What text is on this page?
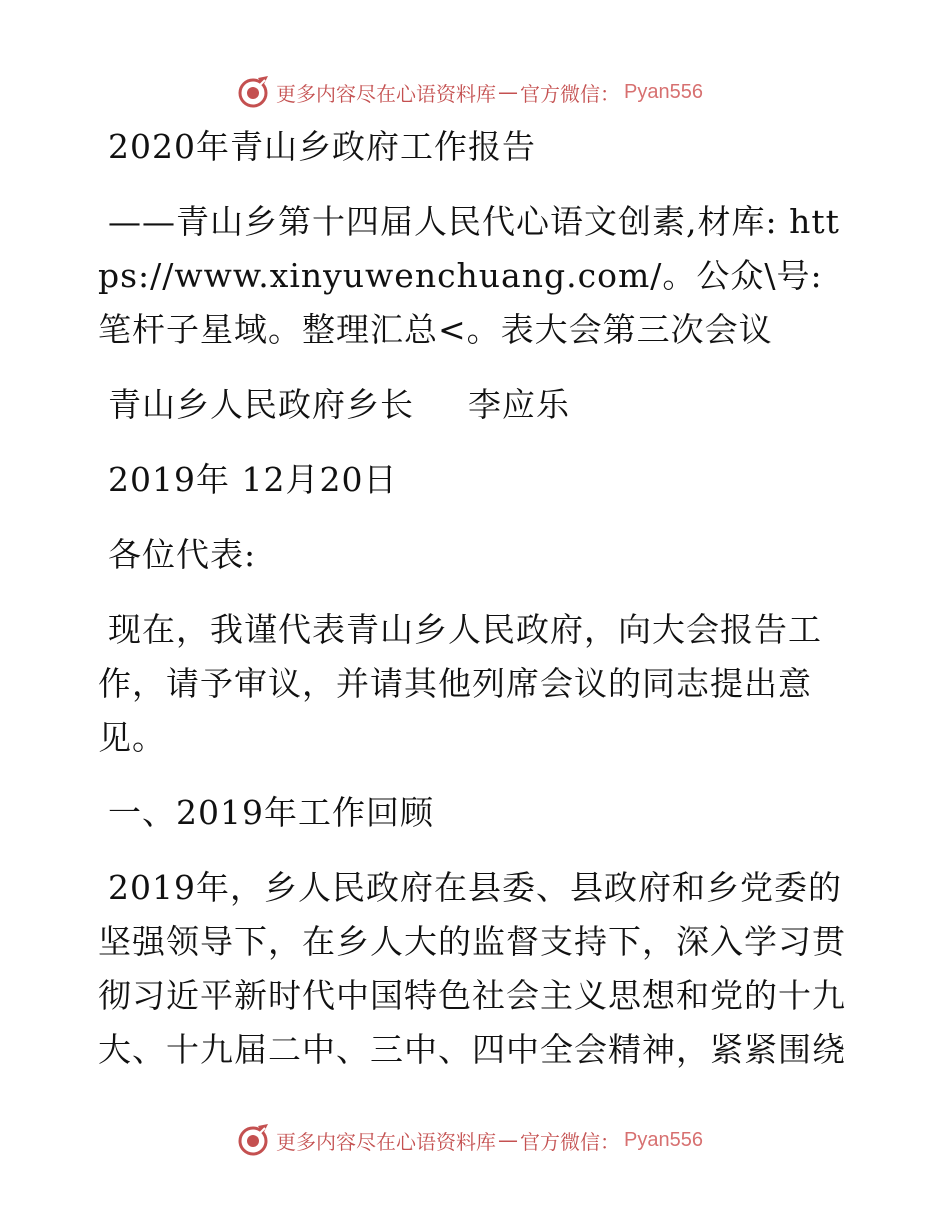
更多内容尽在心语资料库 — 官方微信： Pyan556

2020年青山乡政府工作报告

——青山乡第十四届人民代心语文创素,材库: https://www.xinyuwenchuang.com/。公众\号: 笔杆子星域。整理汇总<。表大会第三次会议

青山乡人民政府乡长 李应乐

2019年 12月20日

各位代表:

现在，我谨代表青山乡人民政府，向大会报告工作，请予审议，并请其他列席会议的同志提出意见。

一、2019年工作回顾

2019年，乡人民政府在县委、县政府和乡党委的坚强领导下，在乡人大的监督支持下，深入学习贯彻习近平新时代中国特色社会主义思想和党的十九大、十九届二中、三中、四中全会精神，紧紧围绕

更多内容尽在心语资料库 — 官方微信： Pyan556
